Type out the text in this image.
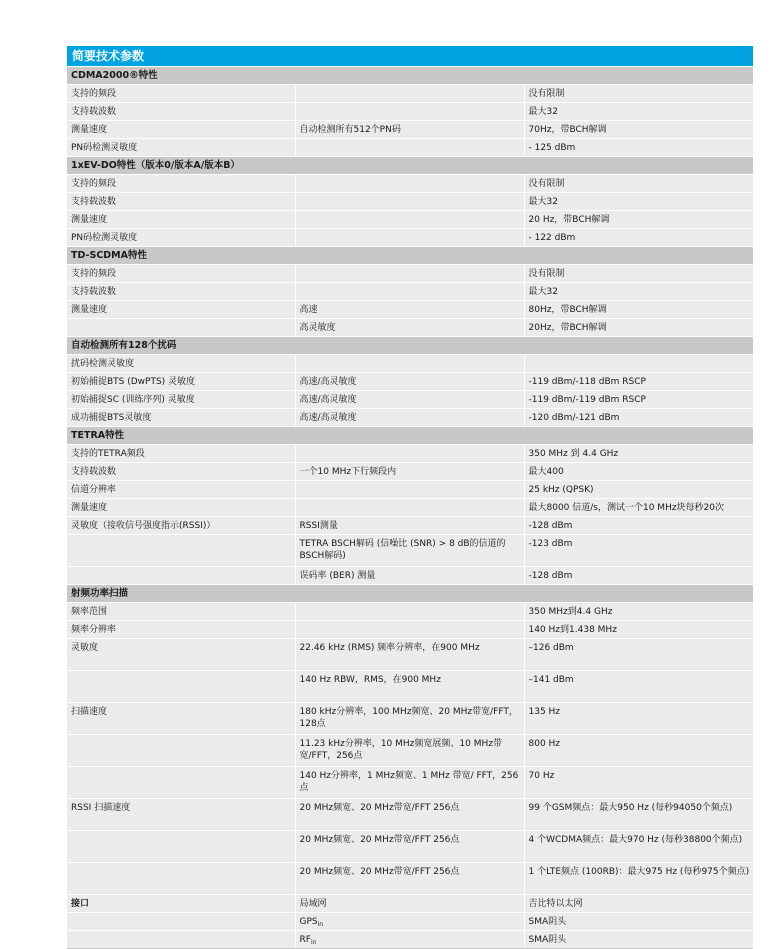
简要技术参数
CDMA2000®特性		
支持的频段		没有限制
支持载波数		最大32
测量速度	自动检测所有512个PN码	70Hz，带BCH解调
PN码检测灵敏度		- 125 dBm
1xEV-DO特性（版本0/版本A/版本B）		
支持的频段		没有限制
支持载波数		最大32
测量速度		20 Hz，带BCH解调
PN码检测灵敏度		- 122 dBm
TD-SCDMA特性		
支持的频段		没有限制
支持载波数		最大32
测量速度	高速	80Hz，带BCH解调
	高灵敏度	20Hz，带BCH解调
自动检测所有128个扰码		
扰码检测灵敏度		
初始捕捉BTS (DwPTS) 灵敏度	高速/高灵敏度	-119 dBm/-118 dBm RSCP
初始捕捉SC (训练序列) 灵敏度	高速/高灵敏度	-119 dBm/-119 dBm RSCP
成功捕捉BTS灵敏度	高速/高灵敏度	-120 dBm/-121 dBm
TETRA特性		
支持的TETRA频段		350 MHz 到 4.4 GHz
支持载波数	一个10 MHz下行频段内	最大400
信道分辨率		25 kHz (QPSK)
测量速度		最大8000 信道/s，测试一个10 MHz块每秒20次
灵敏度（接收信号强度指示(RSSI)）	RSSI测量	-128 dBm
	TETRA BSCH解码 (信噪比 (SNR) > 8 dB的信道的BSCH解码)	-123 dBm
	误码率 (BER) 测量	-128 dBm
射频功率扫描		
频率范围		350 MHz到4.4 GHz
频率分辨率		140 Hz到1.438 MHz
灵敏度	22.46 kHz (RMS) 频率分辨率，在900 MHz	–126 dBm
	140 Hz RBW，RMS，在900 MHz	–141 dBm
扫描速度	180 kHz分辨率，100 MHz频宽、20 MHz带宽/FFT，128点	135 Hz
	11.23 kHz分辨率，10 MHz频宽展频、10 MHz带宽/FFT，256点	800 Hz
	140 Hz分辨率，1 MHz频宽、1 MHz 带宽/ FFT，256点	70 Hz
RSSI 扫描速度	20 MHz频宽、20 MHz带宽/FFT 256点	99 个GSM频点：最大950 Hz (每秒94050个频点)
	20 MHz频宽、20 MHz带宽/FFT 256点	4 个WCDMA频点：最大970 Hz (每秒38800个频点)
	20 MHz频宽、20 MHz带宽/FFT 256点	1 个LTE频点 (100RB)：最大975 Hz (每秒975个频点)
接口	局域网	吉比特以太网
	$GPS_{in}$	SMA阴头
	$RF_{in}$	SMA阴头
